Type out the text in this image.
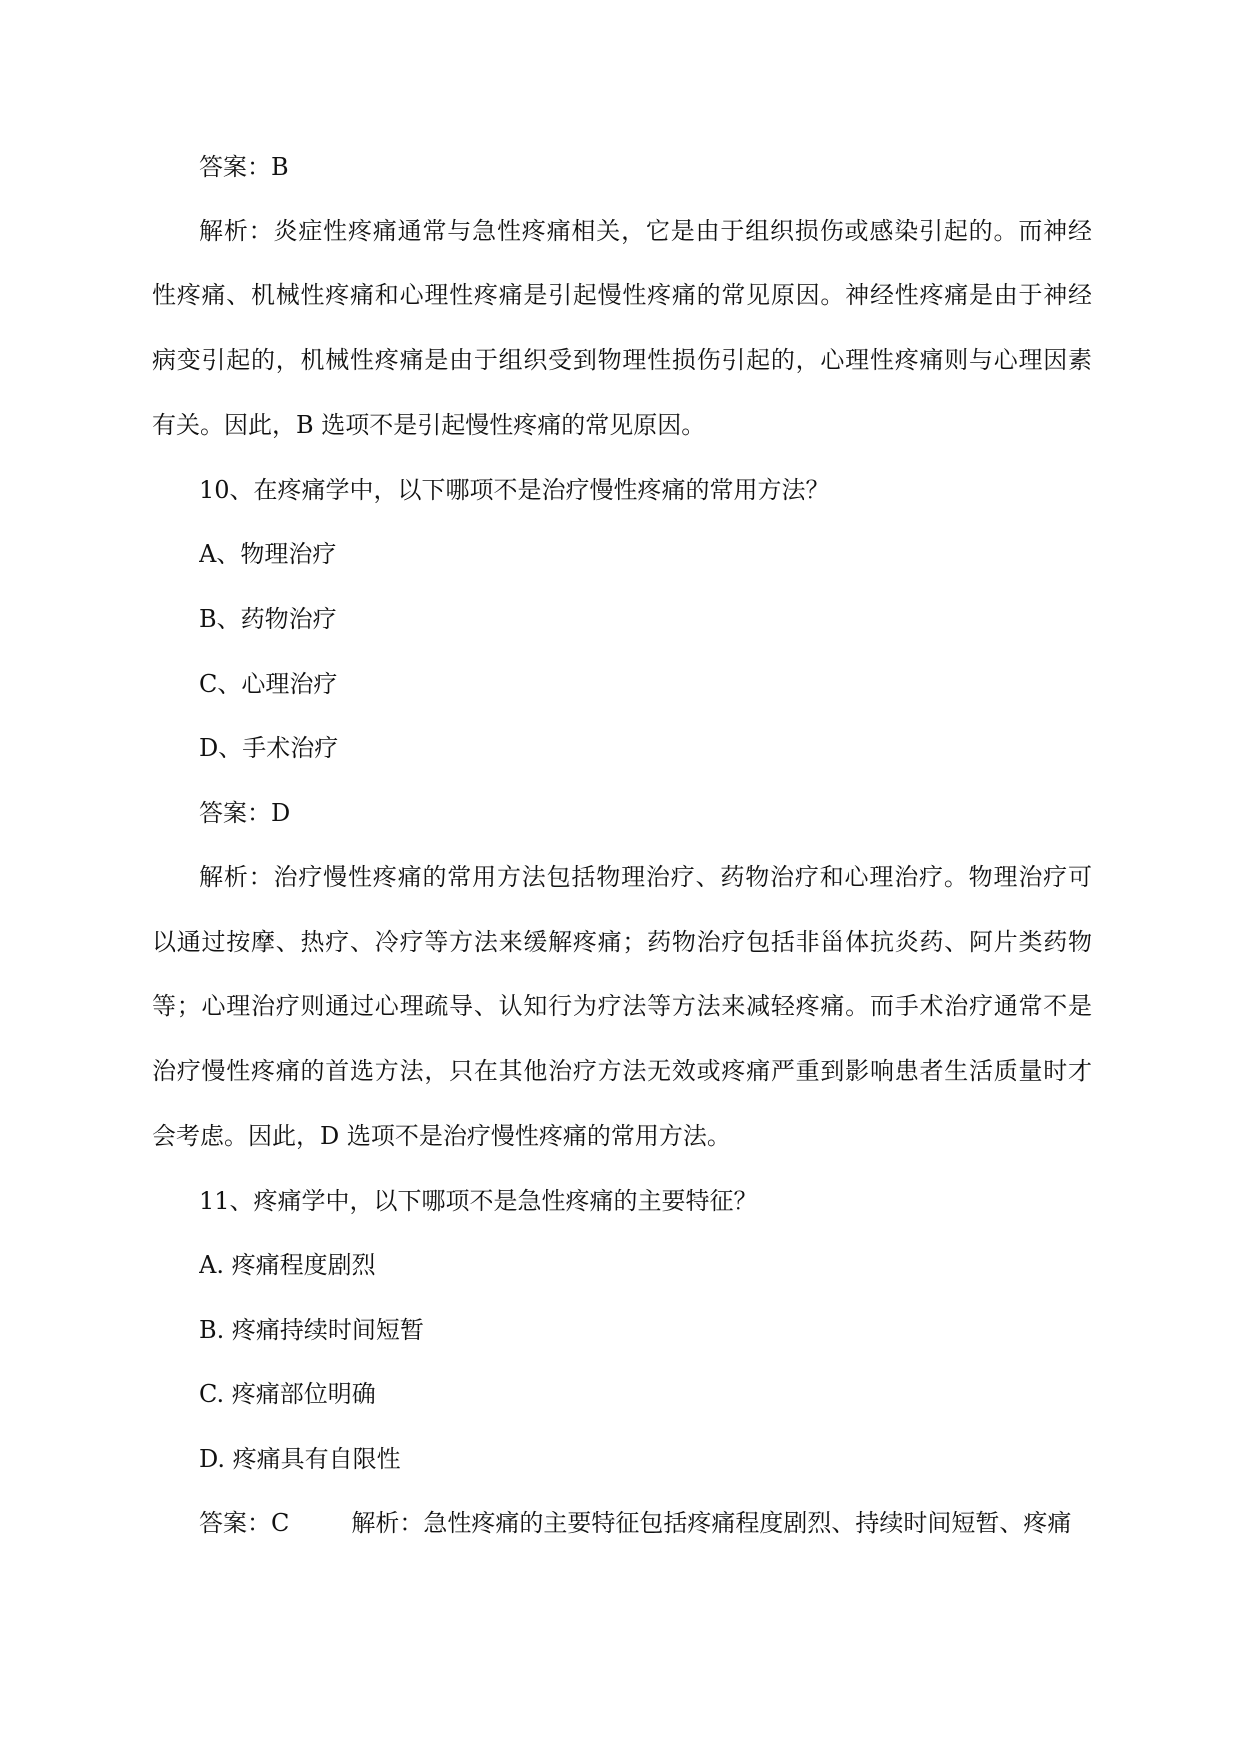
答案：B
解析：炎症性疼痛通常与急性疼痛相关，它是由于组织损伤或感染引起的。而神经
性疼痛、机械性疼痛和心理性疼痛是引起慢性疼痛的常见原因。神经性疼痛是由于神经
病变引起的，机械性疼痛是由于组织受到物理性损伤引起的，心理性疼痛则与心理因素
有关。因此，B 选项不是引起慢性疼痛的常见原因。
10、在疼痛学中，以下哪项不是治疗慢性疼痛的常用方法？
A、物理治疗
B、药物治疗
C、心理治疗
D、手术治疗
答案：D
解析：治疗慢性疼痛的常用方法包括物理治疗、药物治疗和心理治疗。物理治疗可
以通过按摩、热疗、冷疗等方法来缓解疼痛；药物治疗包括非甾体抗炎药、阿片类药物
等；心理治疗则通过心理疏导、认知行为疗法等方法来减轻疼痛。而手术治疗通常不是
治疗慢性疼痛的首选方法，只在其他治疗方法无效或疼痛严重到影响患者生活质量时才
会考虑。因此，D 选项不是治疗慢性疼痛的常用方法。
11、疼痛学中，以下哪项不是急性疼痛的主要特征？
A. 疼痛程度剧烈
B. 疼痛持续时间短暂
C. 疼痛部位明确
D. 疼痛具有自限性
答案：C	解析：急性疼痛的主要特征包括疼痛程度剧烈、持续时间短暂、疼痛
